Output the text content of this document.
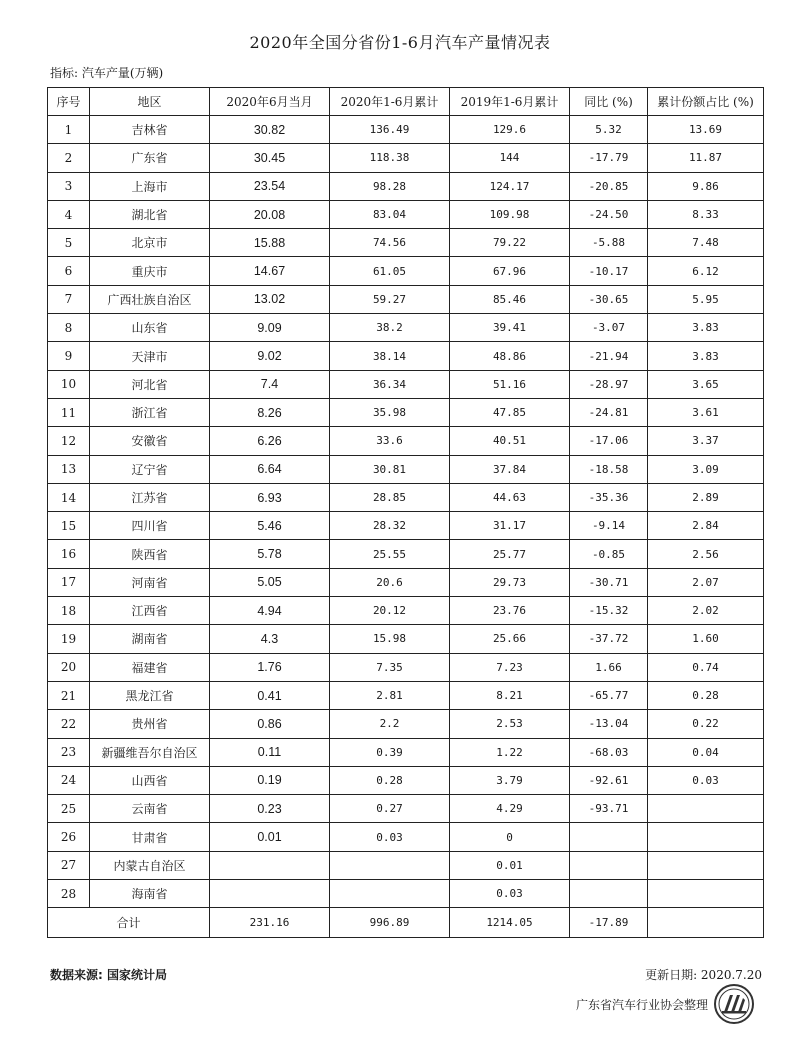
2020年全国分省份1-6月汽车产量情况表
指标: 汽车产量(万辆)
序号	地区	2020年6月当月	2020年1-6月累计	2019年1-6月累计	同比 (%)	累计份额占比 (%)
1	吉林省	30.82	136.49	129.6	5.32	13.69
2	广东省	30.45	118.38	144	-17.79	11.87
3	上海市	23.54	98.28	124.17	-20.85	9.86
4	湖北省	20.08	83.04	109.98	-24.50	8.33
5	北京市	15.88	74.56	79.22	-5.88	7.48
6	重庆市	14.67	61.05	67.96	-10.17	6.12
7	广西壮族自治区	13.02	59.27	85.46	-30.65	5.95
8	山东省	9.09	38.2	39.41	-3.07	3.83
9	天津市	9.02	38.14	48.86	-21.94	3.83
10	河北省	7.4	36.34	51.16	-28.97	3.65
11	浙江省	8.26	35.98	47.85	-24.81	3.61
12	安徽省	6.26	33.6	40.51	-17.06	3.37
13	辽宁省	6.64	30.81	37.84	-18.58	3.09
14	江苏省	6.93	28.85	44.63	-35.36	2.89
15	四川省	5.46	28.32	31.17	-9.14	2.84
16	陕西省	5.78	25.55	25.77	-0.85	2.56
17	河南省	5.05	20.6	29.73	-30.71	2.07
18	江西省	4.94	20.12	23.76	-15.32	2.02
19	湖南省	4.3	15.98	25.66	-37.72	1.60
20	福建省	1.76	7.35	7.23	1.66	0.74
21	黑龙江省	0.41	2.81	8.21	-65.77	0.28
22	贵州省	0.86	2.2	2.53	-13.04	0.22
23	新疆维吾尔自治区	0.11	0.39	1.22	-68.03	0.04
24	山西省	0.19	0.28	3.79	-92.61	0.03
25	云南省	0.23	0.27	4.29	-93.71	
26	甘肃省	0.01	0.03	0		
27	内蒙古自治区			0.01		
28	海南省			0.03		
合计		231.16	996.89	1214.05	-17.89	
数据来源: 国家统计局	更新日期: 2020.7.20
广东省汽车行业协会整理
